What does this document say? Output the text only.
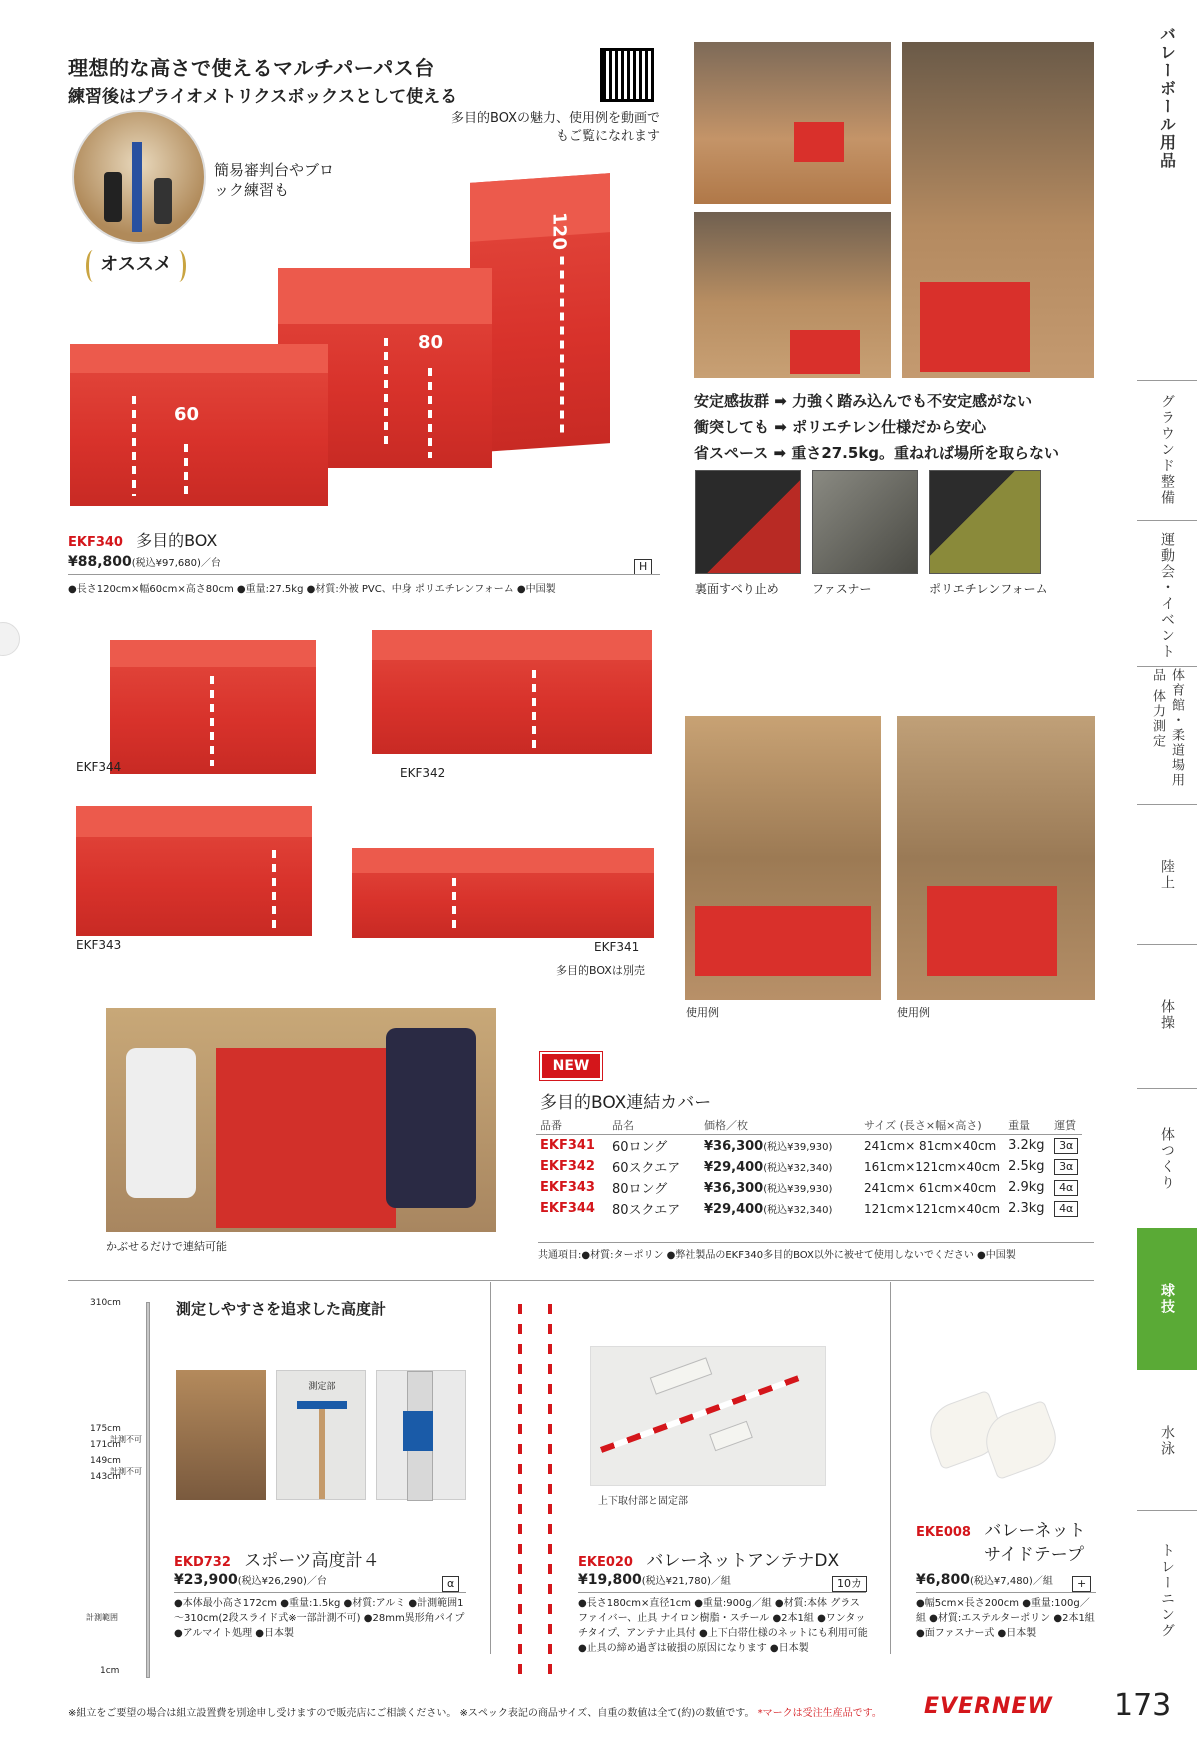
理想的な高さで使えるマルチパーパス台
練習後はプライオメトリクスボックスとして使える
多目的BOXの魅力、使用例を動画でもご覧になれます
簡易審判台やブロック練習も
オススメ
120
80
60
安定感抜群 ➡ 力強く踏み込んでも不安定感がない
衝突しても ➡ ポリエチレン仕様だから安心
省スペース ➡ 重さ27.5kg。重ねれば場所を取らない
裏面すべり止め	ファスナー	ポリエチレンフォーム
EKF340 多目的BOX
¥88,800(税込¥97,680)／台	H
●長さ120cm×幅60cm×高さ80cm ●重量:27.5kg ●材質:外被 PVC、中身 ポリエチレンフォーム ●中国製
EKF344	EKF342
EKF343	EKF341
多目的BOXは別売
使用例	使用例
かぶせるだけで連結可能
NEW
多目的BOX連結カバー
品番	品名	価格／枚	サイズ (長さ×幅×高さ)	重量	運賃
EKF341	60ロング	¥36,300(税込¥39,930)	241cm× 81cm×40cm	3.2kg	3α
EKF342	60スクエア	¥29,400(税込¥32,340)	161cm×121cm×40cm	2.5kg	3α
EKF343	80ロング	¥36,300(税込¥39,930)	241cm× 61cm×40cm	2.9kg	4α
EKF344	80スクエア	¥29,400(税込¥32,340)	121cm×121cm×40cm	2.3kg	4α
共通項目:●材質:ターポリン ●弊社製品のEKF340多目的BOX以外に被せて使用しないでください ●中国製
測定しやすさを追求した高度計
310cm
175cm
171cm
149cm
143cm
計測不可
計測不可
計測範囲
1cm
測定部
EKD732 スポーツ高度計４
¥23,900(税込¥26,290)／台	α
●本体最小高さ172cm ●重量:1.5kg ●材質:アルミ ●計測範囲1～310cm(2段スライド式※一部計測不可) ●28mm異形角パイプ ●アルマイト処理 ●日本製
上下取付部と固定部
EKE020 バレーネットアンテナDX
¥19,800(税込¥21,780)／組	10カ
●長さ180cm×直径1cm ●重量:900g／組 ●材質:本体 グラスファイバー、止具 ナイロン樹脂・スチール ●2本1組 ●ワンタッチタイプ、アンテナ止具付 ●上下白帯仕様のネットにも利用可能 ●止具の締め過ぎは破損の原因になります ●日本製
EKE008 バレーネット
サイドテープ
¥6,800(税込¥7,480)／組	+
●幅5cm×長さ200cm ●重量:100g／組 ●材質:エステルターポリン ●2本1組 ●面ファスナー式 ●日本製
※組立をご要望の場合は組立設置費を別途申し受けますので販売店にご相談ください。 ※スペック表記の商品サイズ、自重の数値は全て(約)の数値です。 *マークは受注生産品です。 EVERNEW 173
バレーボール用品
グラウンド整備
運動会・イベント
体育館・柔道場用品 体力測定
陸上
体操
体つくり
球技
水泳
トレーニング
